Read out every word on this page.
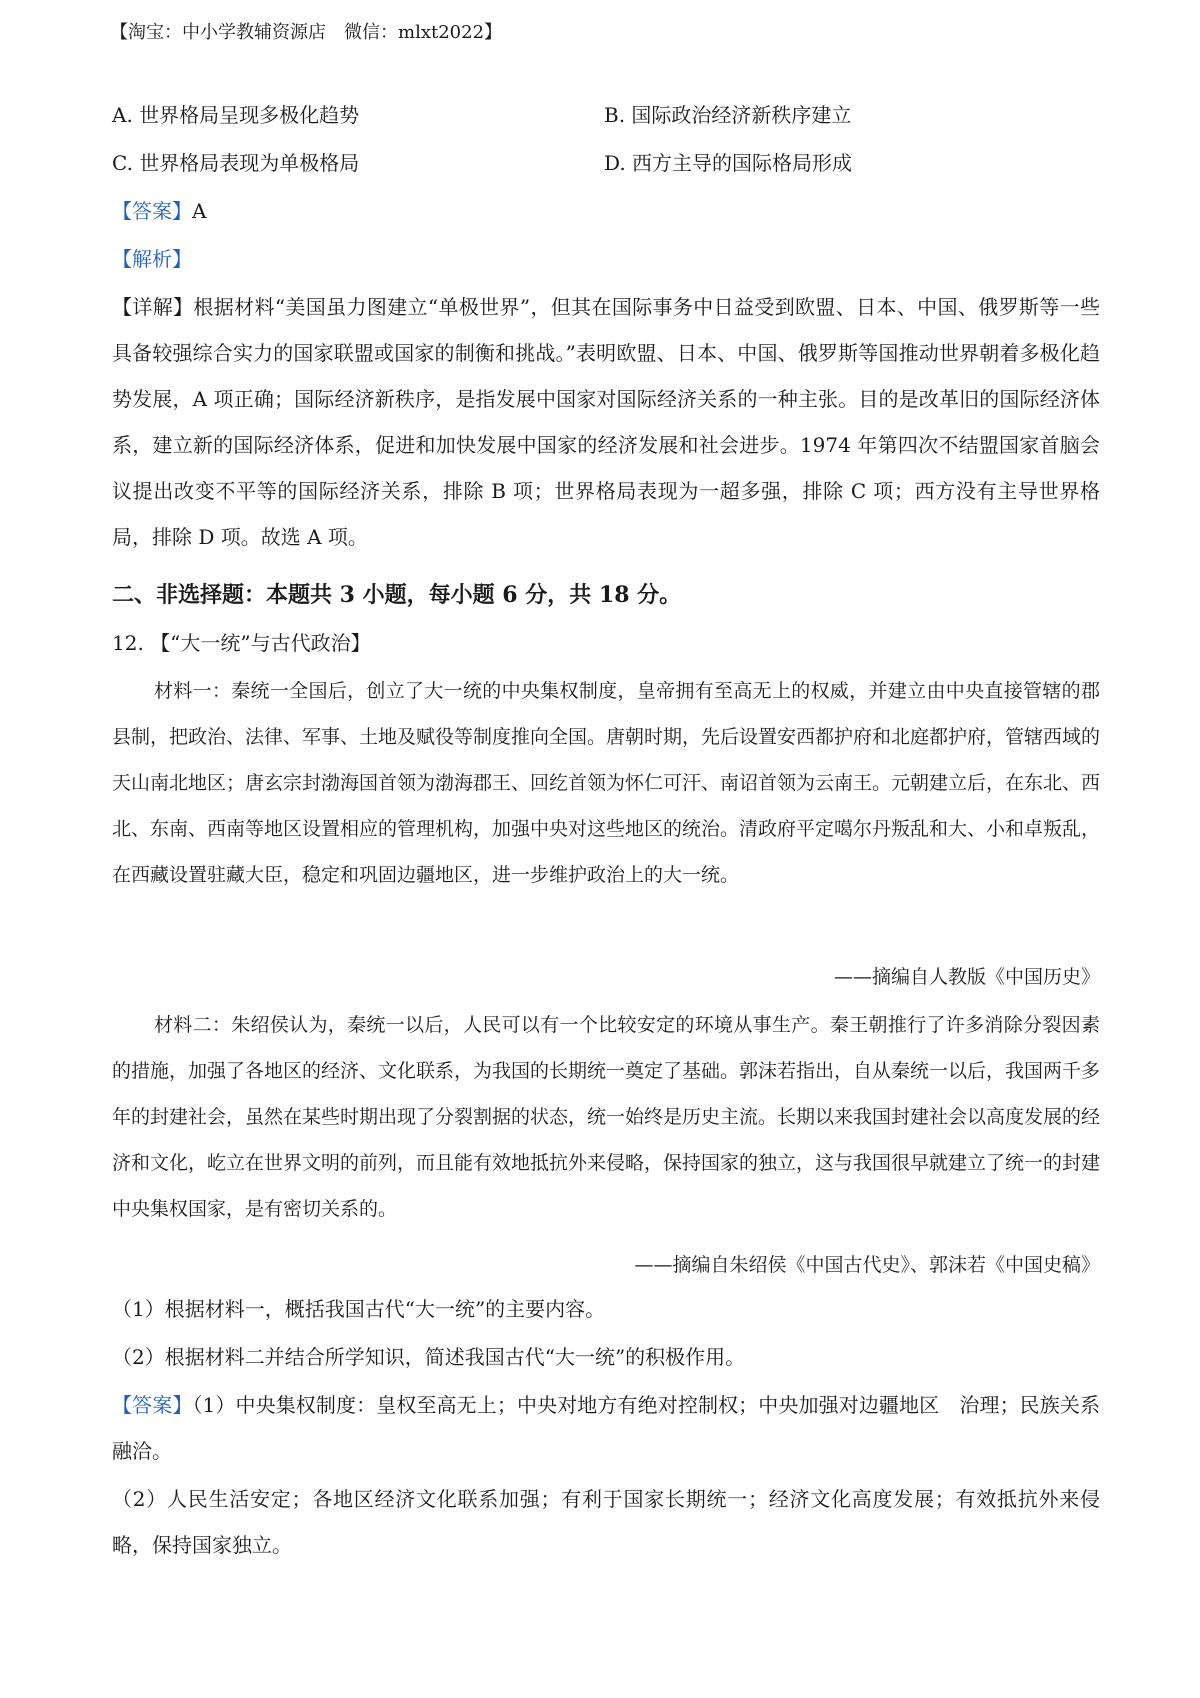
【淘宝：中小学教辅资源店　微信：mlxt2022】
A. 世界格局呈现多极化趋势	B. 国际政治经济新秩序建立
C. 世界格局表现为单极格局	D. 西方主导的国际格局形成
【答案】A
【解析】
【详解】根据材料“美国虽力图建立“单极世界”，但其在国际事务中日益受到欧盟、日本、中国、俄罗斯等一些具备较强综合实力的国家联盟或国家的制衡和挑战。”表明欧盟、日本、中国、俄罗斯等国推动世界朝着多极化趋势发展，A 项正确；国际经济新秩序，是指发展中国家对国际经济关系的一种主张。目的是改革旧的国际经济体系，建立新的国际经济体系，促进和加快发展中国家的经济发展和社会进步。1974 年第四次不结盟国家首脑会议提出改变不平等的国际经济关系，排除 B 项；世界格局表现为一超多强，排除 C 项；西方没有主导世界格局，排除 D 项。故选 A 项。
二、非选择题：本题共 3 小题，每小题 6 分，共 18 分。
12. 【“大一统”与古代政治】
材料一：秦统一全国后，创立了大一统的中央集权制度，皇帝拥有至高无上的权威，并建立由中央直接管辖的郡县制，把政治、法律、军事、土地及赋役等制度推向全国。唐朝时期，先后设置安西都护府和北庭都护府，管辖西域的天山南北地区；唐玄宗封渤海国首领为渤海郡王、回纥首领为怀仁可汗、南诏首领为云南王。元朝建立后，在东北、西北、东南、西南等地区设置相应的管理机构，加强中央对这些地区的统治。清政府平定噶尔丹叛乱和大、小和卓叛乱，在西藏设置驻藏大臣，稳定和巩固边疆地区，进一步维护政治上的大一统。
——摘编自人教版《中国历史》
材料二：朱绍侯认为，秦统一以后，人民可以有一个比较安定的环境从事生产。秦王朝推行了许多消除分裂因素的措施，加强了各地区的经济、文化联系，为我国的长期统一奠定了基础。郭沫若指出，自从秦统一以后，我国两千多年的封建社会，虽然在某些时期出现了分裂割据的状态，统一始终是历史主流。长期以来我国封建社会以高度发展的经济和文化，屹立在世界文明的前列，而且能有效地抵抗外来侵略，保持国家的独立，这与我国很早就建立了统一的封建中央集权国家，是有密切关系的。
——摘编自朱绍侯《中国古代史》、郭沫若《中国史稿》
（1）根据材料一，概括我国古代“大一统”的主要内容。
（2）根据材料二并结合所学知识，简述我国古代“大一统”的积极作用。
【答案】（1）中央集权制度：皇权至高无上；中央对地方有绝对控制权；中央加强对边疆地区　治理；民族关系融洽。
（2）人民生活安定；各地区经济文化联系加强；有利于国家长期统一；经济文化高度发展；有效抵抗外来侵略，保持国家独立。
